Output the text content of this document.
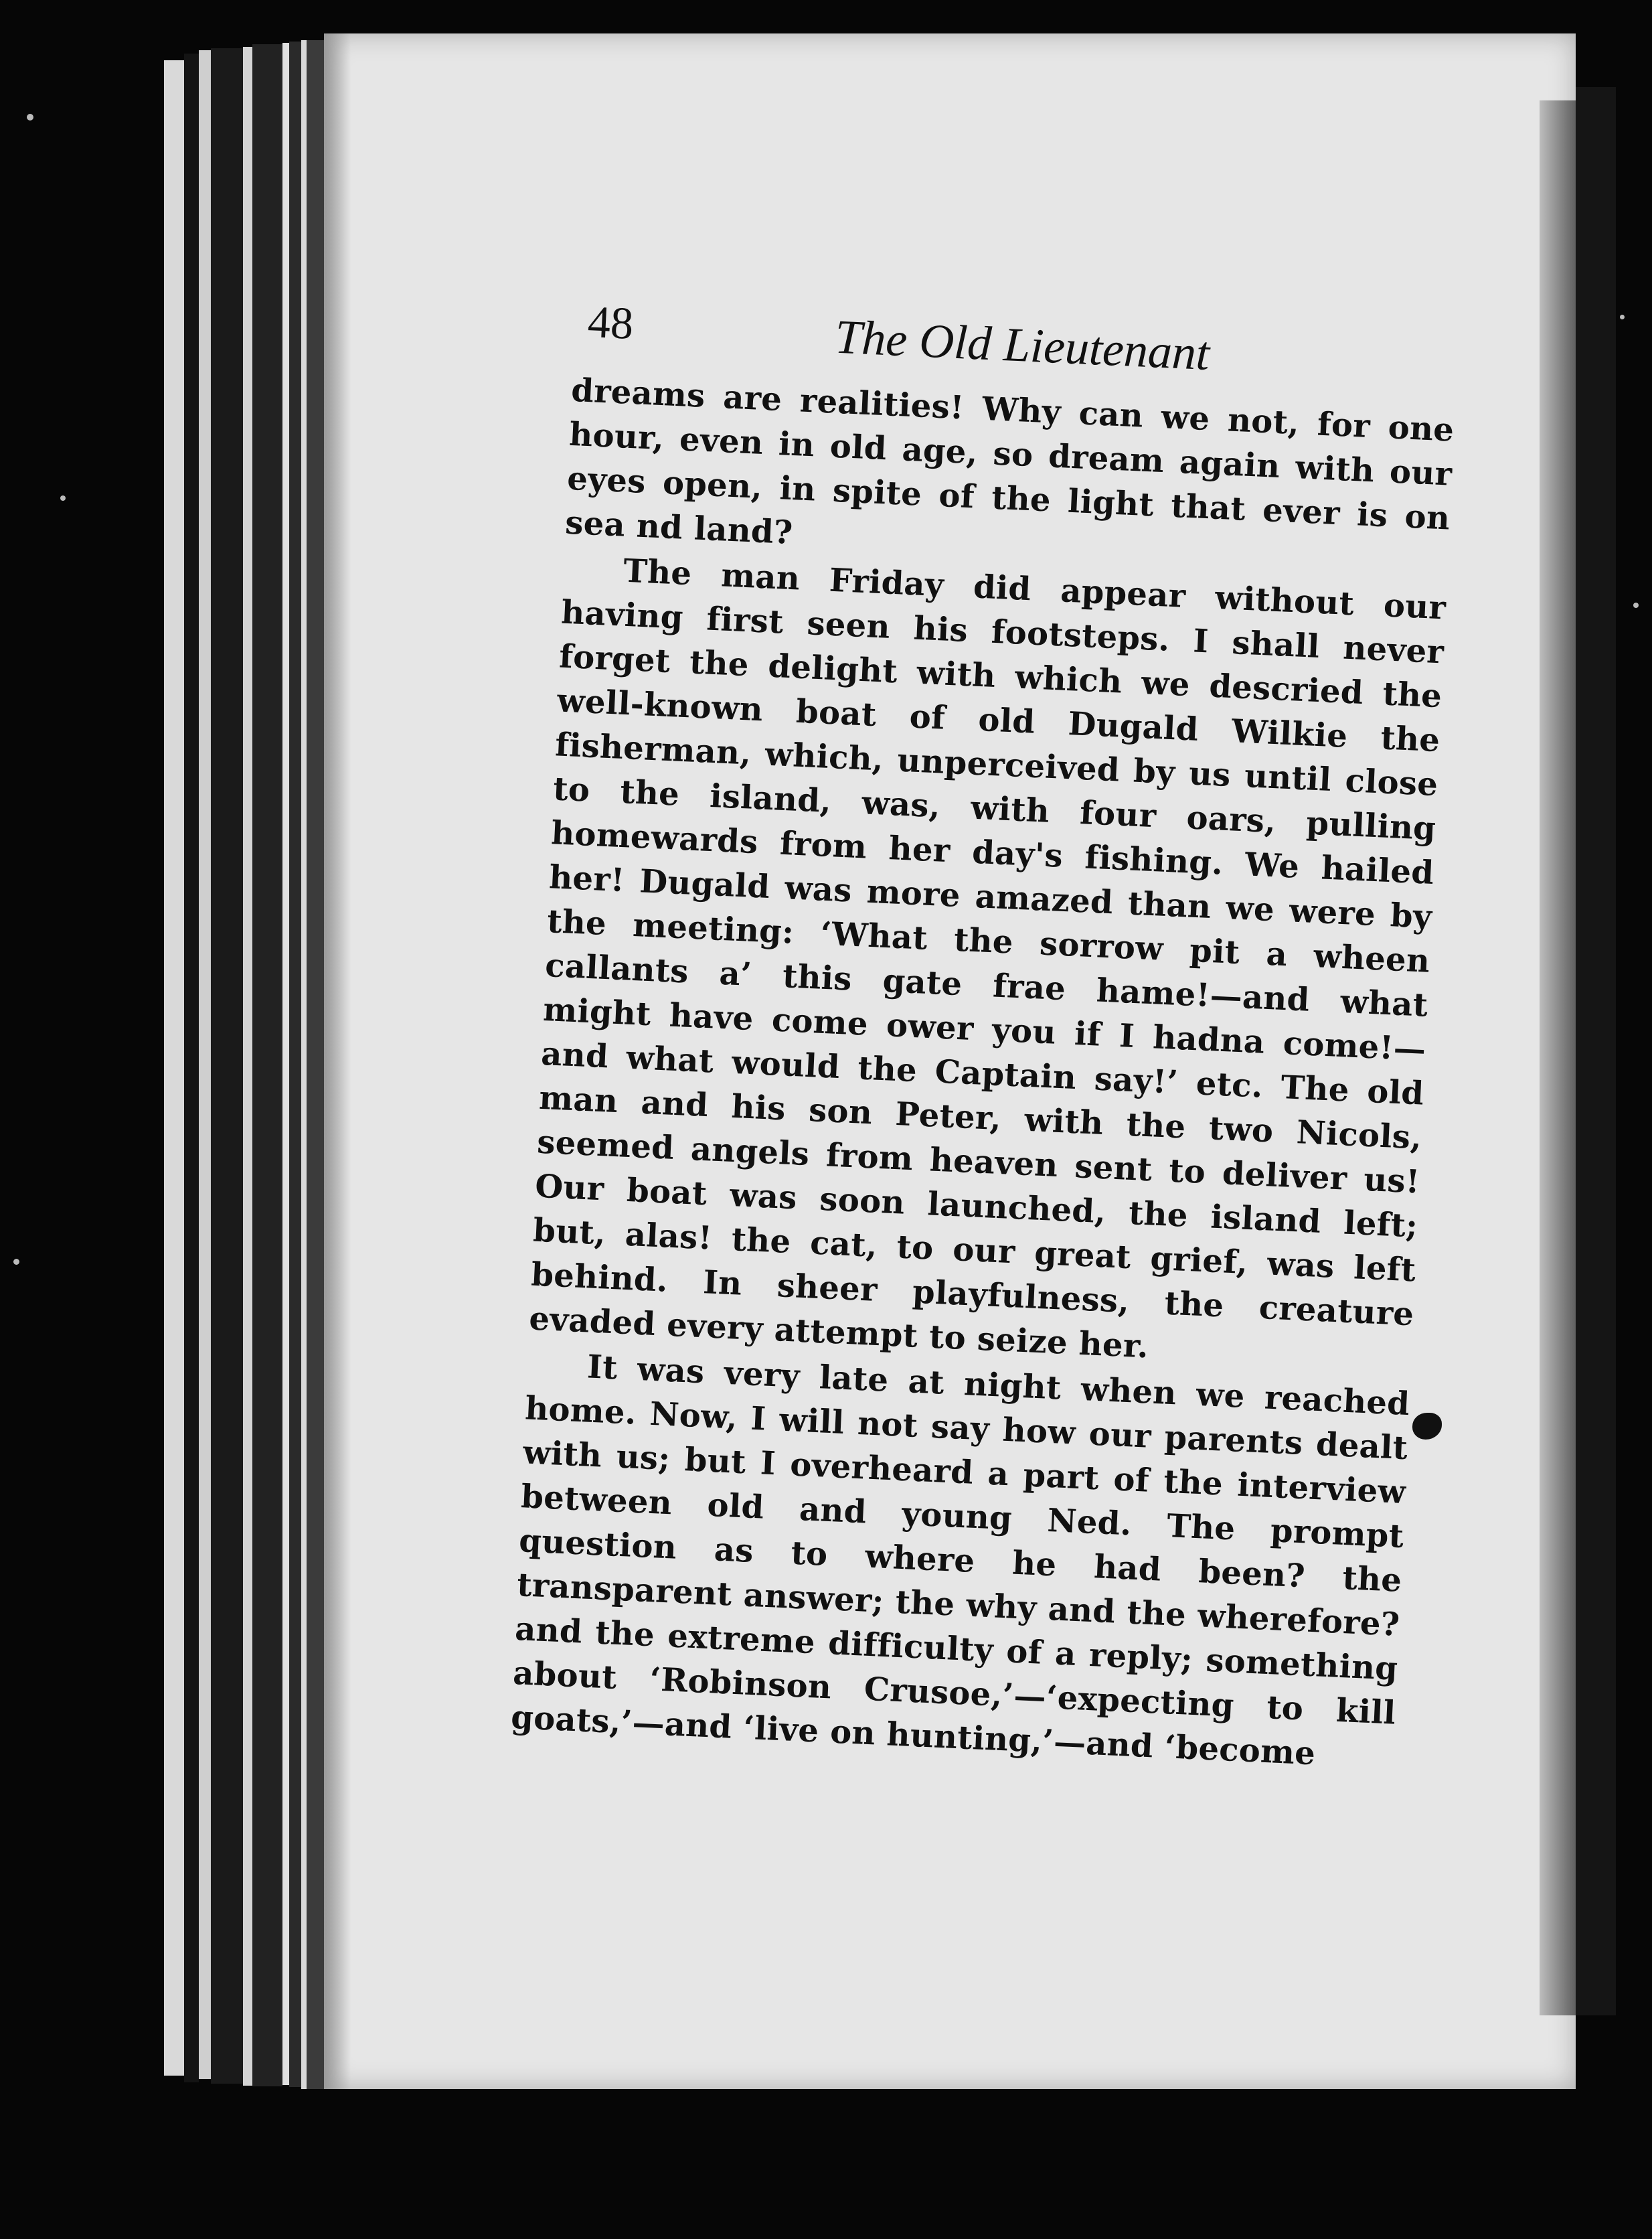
48	The Old Lieutenant

dreams are realities! Why can we not, for one hour, even in old age, so dream again with our eyes open, in spite of the light that ever is on sea nd land?

The man Friday did appear without our having first seen his footsteps. I shall never forget the delight with which we descried the well-known boat of old Dugald Wilkie the fisherman, which, unperceived by us until close to the island, was, with four oars, pulling homewards from her day's fishing. We hailed her! Dugald was more amazed than we were by the meeting: ‘What the sorrow pit a wheen callants a’ this gate frae hame!—and what might have come ower you if I hadna come!—and what would the Captain say!’ etc. The old man and his son Peter, with the two Nicols, seemed angels from heaven sent to deliver us! Our boat was soon launched, the island left; but, alas! the cat, to our great grief, was left behind. In sheer playfulness, the creature evaded every attempt to seize her.

It was very late at night when we reached home. Now, I will not say how our parents dealt with us; but I overheard a part of the interview between old and young Ned. The prompt question as to where he had been? the transparent answer; the why and the wherefore? and the extreme difficulty of a reply; something about ‘Robinson Crusoe,’—‘expecting to kill goats,’—and ‘live on hunting,’—and ‘become
